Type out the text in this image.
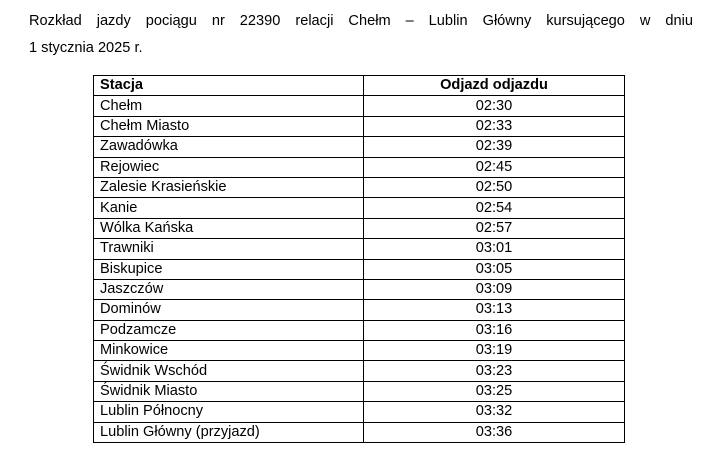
Rozkład jazdy pociągu nr 22390 relacji Chełm – Lublin Główny kursującego w dniu
1 stycznia 2025 r.

Stacja	Odjazd odjazdu
Chełm	02:30
Chełm Miasto	02:33
Zawadówka	02:39
Rejowiec	02:45
Zalesie Krasieńskie	02:50
Kanie	02:54
Wólka Kańska	02:57
Trawniki	03:01
Biskupice	03:05
Jaszczów	03:09
Dominów	03:13
Podzamcze	03:16
Minkowice	03:19
Świdnik Wschód	03:23
Świdnik Miasto	03:25
Lublin Północny	03:32
Lublin Główny (przyjazd)	03:36
